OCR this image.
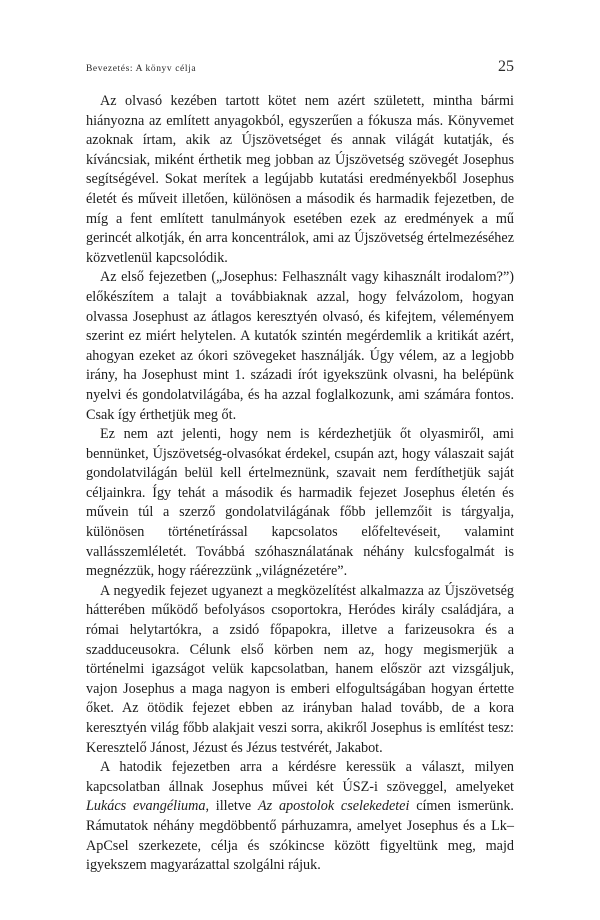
Bevezetés: A könyv célja	25

Az olvasó kezében tartott kötet nem azért született, mintha bármi hiányozna az említett anyagokból, egyszerűen a fókusza más. Könyvemet azoknak írtam, akik az Újszövetséget és annak világát kutatják, és kíváncsiak, miként érthetik meg jobban az Újszövetség szövegét Josephus segítségével. Sokat merítek a legújabb kutatási eredményekből Josephus életét és műveit illetően, különösen a második és harmadik fejezetben, de míg a fent említett tanulmányok esetében ezek az eredmények a mű gerincét alkotják, én arra koncentrálok, ami az Újszövetség értelmezéséhez közvetlenül kapcsolódik.

Az első fejezetben („Josephus: Felhasznált vagy kihasznált irodalom?”) előkészítem a talajt a továbbiaknak azzal, hogy felvázolom, hogyan olvassa Josephust az átlagos keresztyén olvasó, és kifejtem, véleményem szerint ez miért helytelen. A kutatók szintén megérdemlik a kritikát azért, ahogyan ezeket az ókori szövegeket használják. Úgy vélem, az a legjobb irány, ha Josephust mint 1. századi írót igyekszünk olvasni, ha belépünk nyelvi és gondolatvilágába, és ha azzal foglalkozunk, ami számára fontos. Csak így érthetjük meg őt.

Ez nem azt jelenti, hogy nem is kérdezhetjük őt olyasmiről, ami bennünket, Újszövetség-olvasókat érdekel, csupán azt, hogy válaszait saját gondolatvilágán belül kell értelmeznünk, szavait nem ferdíthetjük saját céljainkra. Így tehát a második és harmadik fejezet Josephus életén és művein túl a szerző gondolatvilágának főbb jellemzőit is tárgyalja, különösen történetírással kapcsolatos előfeltevéseit, valamint vallásszemléletét. Továbbá szóhasználatának néhány kulcsfogalmát is megnézzük, hogy ráérezzünk „világnézetére”.

A negyedik fejezet ugyanezt a megközelítést alkalmazza az Újszövetség hátterében működő befolyásos csoportokra, Heródes király családjára, a római helytartókra, a zsidó főpapokra, illetve a farizeusokra és a szadduceusokra. Célunk első körben nem az, hogy megismerjük a történelmi igazságot velük kapcsolatban, hanem először azt vizsgáljuk, vajon Josephus a maga nagyon is emberi elfogultságában hogyan értette őket. Az ötödik fejezet ebben az irányban halad tovább, de a kora keresztyén világ főbb alakjait veszi sorra, akikről Josephus is említést tesz: Keresztelő Jánost, Jézust és Jézus testvérét, Jakabot.

A hatodik fejezetben arra a kérdésre keressük a választ, milyen kapcsolatban állnak Josephus művei két ÚSZ-i szöveggel, amelyeket Lukács evangéliuma, illetve Az apostolok cselekedetei címen ismerünk. Rámutatok néhány megdöbbentő párhuzamra, amelyet Josephus és a Lk–ApCsel szerkezete, célja és szókincse között figyeltünk meg, majd igyekszem magyarázattal szolgálni rájuk.
